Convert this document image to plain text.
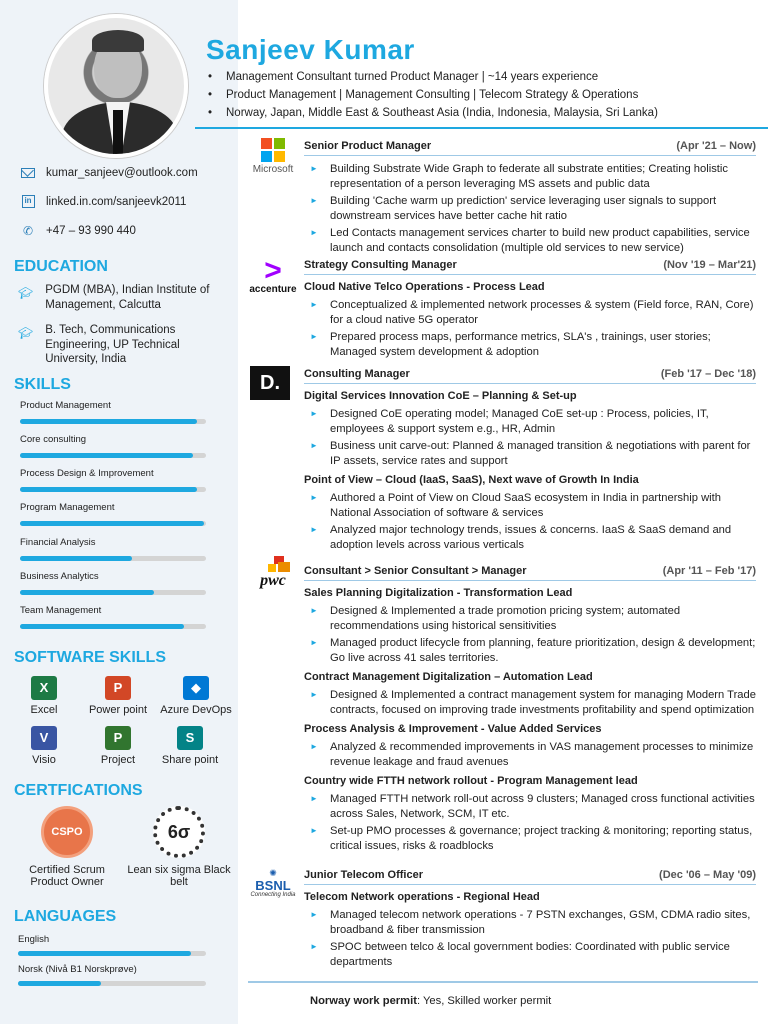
Sanjeev Kumar
• Management Consultant turned Product Manager | ~14 years experience
• Product Management | Management Consulting | Telecom Strategy & Operations
• Norway, Japan, Middle East & Southeast Asia (India, Indonesia, Malaysia, Sri Lanka)
kumar_sanjeev@outlook.com
in linked.in.com/sanjeevk2011
✆ +47 – 93 990 440
EDUCATION
🎓︎ PGDM (MBA), Indian Institute of Management, Calcutta
🎓︎ B. Tech, Communications Engineering, UP Technical University, India
SKILLS
Product Management
Core consulting
Process Design & Improvement
Program Management
Financial Analysis
Business Analytics
Team Management
SOFTWARE SKILLS
X
Excel
P
Power point
◆
Azure DevOps
V
Visio
P
Project
S
Share point
CERTFICATIONS
CSPO
Certified Scrum Product Owner
6σ
Lean six sigma Black belt
LANGUAGES
English
Norsk (Nivå B1 Norskprøve)
Microsoft
>
accenture
D.
pwc
✺
BSNL
Connecting India
Senior Product Manager	(Apr '21 – Now)
► Building Substrate Wide Graph to federate all substrate entities; Creating holistic representation of a person leveraging MS assets and public data
► Building 'Cache warm up prediction' service leveraging user signals to support downstream services have better cache hit ratio
► Led Contacts management services charter to build new product capabilities, service launch and contacts consolidation (multiple old services to new service)
Strategy Consulting Manager	(Nov '19 – Mar'21)
Cloud Native Telco Operations - Process Lead
► Conceptualized & implemented network processes & system (Field force, RAN, Core) for a cloud native 5G operator
► Prepared process maps, performance metrics, SLA's , trainings, user stories; Managed system development & adoption
Consulting Manager	(Feb '17 – Dec '18)
Digital Services Innovation CoE – Planning & Set-up
► Designed CoE operating model; Managed CoE set-up : Process, policies, IT, employees & support system e.g., HR, Admin
► Business unit carve-out: Planned & managed transition & negotiations with parent for IP assets, service rates and support
Point of View – Cloud (IaaS, SaaS), Next wave of Growth In India
► Authored a Point of View on Cloud SaaS ecosystem in India in partnership with National Association of software & services
► Analyzed major technology trends, issues & concerns. IaaS & SaaS demand and adoption levels across various verticals
Consultant > Senior Consultant > Manager	(Apr '11 – Feb '17)
Sales Planning Digitalization - Transformation Lead
► Designed & Implemented a trade promotion pricing system; automated recommendations using historical sensitivities
► Managed product lifecycle from planning, feature prioritization, design & development; Go live across 41 sales territories.
Contract Management Digitalization – Automation Lead
► Designed & Implemented a contract management system for managing Modern Trade contracts, focused on improving trade investments profitability and spend optimization
Process Analysis & Improvement - Value Added Services
► Analyzed & recommended improvements in VAS management processes to minimize revenue leakage and fraud avenues
Country wide FTTH network rollout - Program Management lead
► Managed FTTH network roll-out across 9 clusters; Managed cross functional activities across Sales, Network, SCM, IT etc.
► Set-up PMO processes & governance; project tracking & monitoring; reporting status, critical issues, risks & roadblocks
Junior Telecom Officer	(Dec '06 – May '09)
Telecom Network operations - Regional Head
► Managed telecom network operations - 7 PSTN exchanges, GSM, CDMA radio sites, broadband & fiber transmission
► SPOC between telco & local government bodies: Coordinated with public service departments
Norway work permit: Yes, Skilled worker permit
